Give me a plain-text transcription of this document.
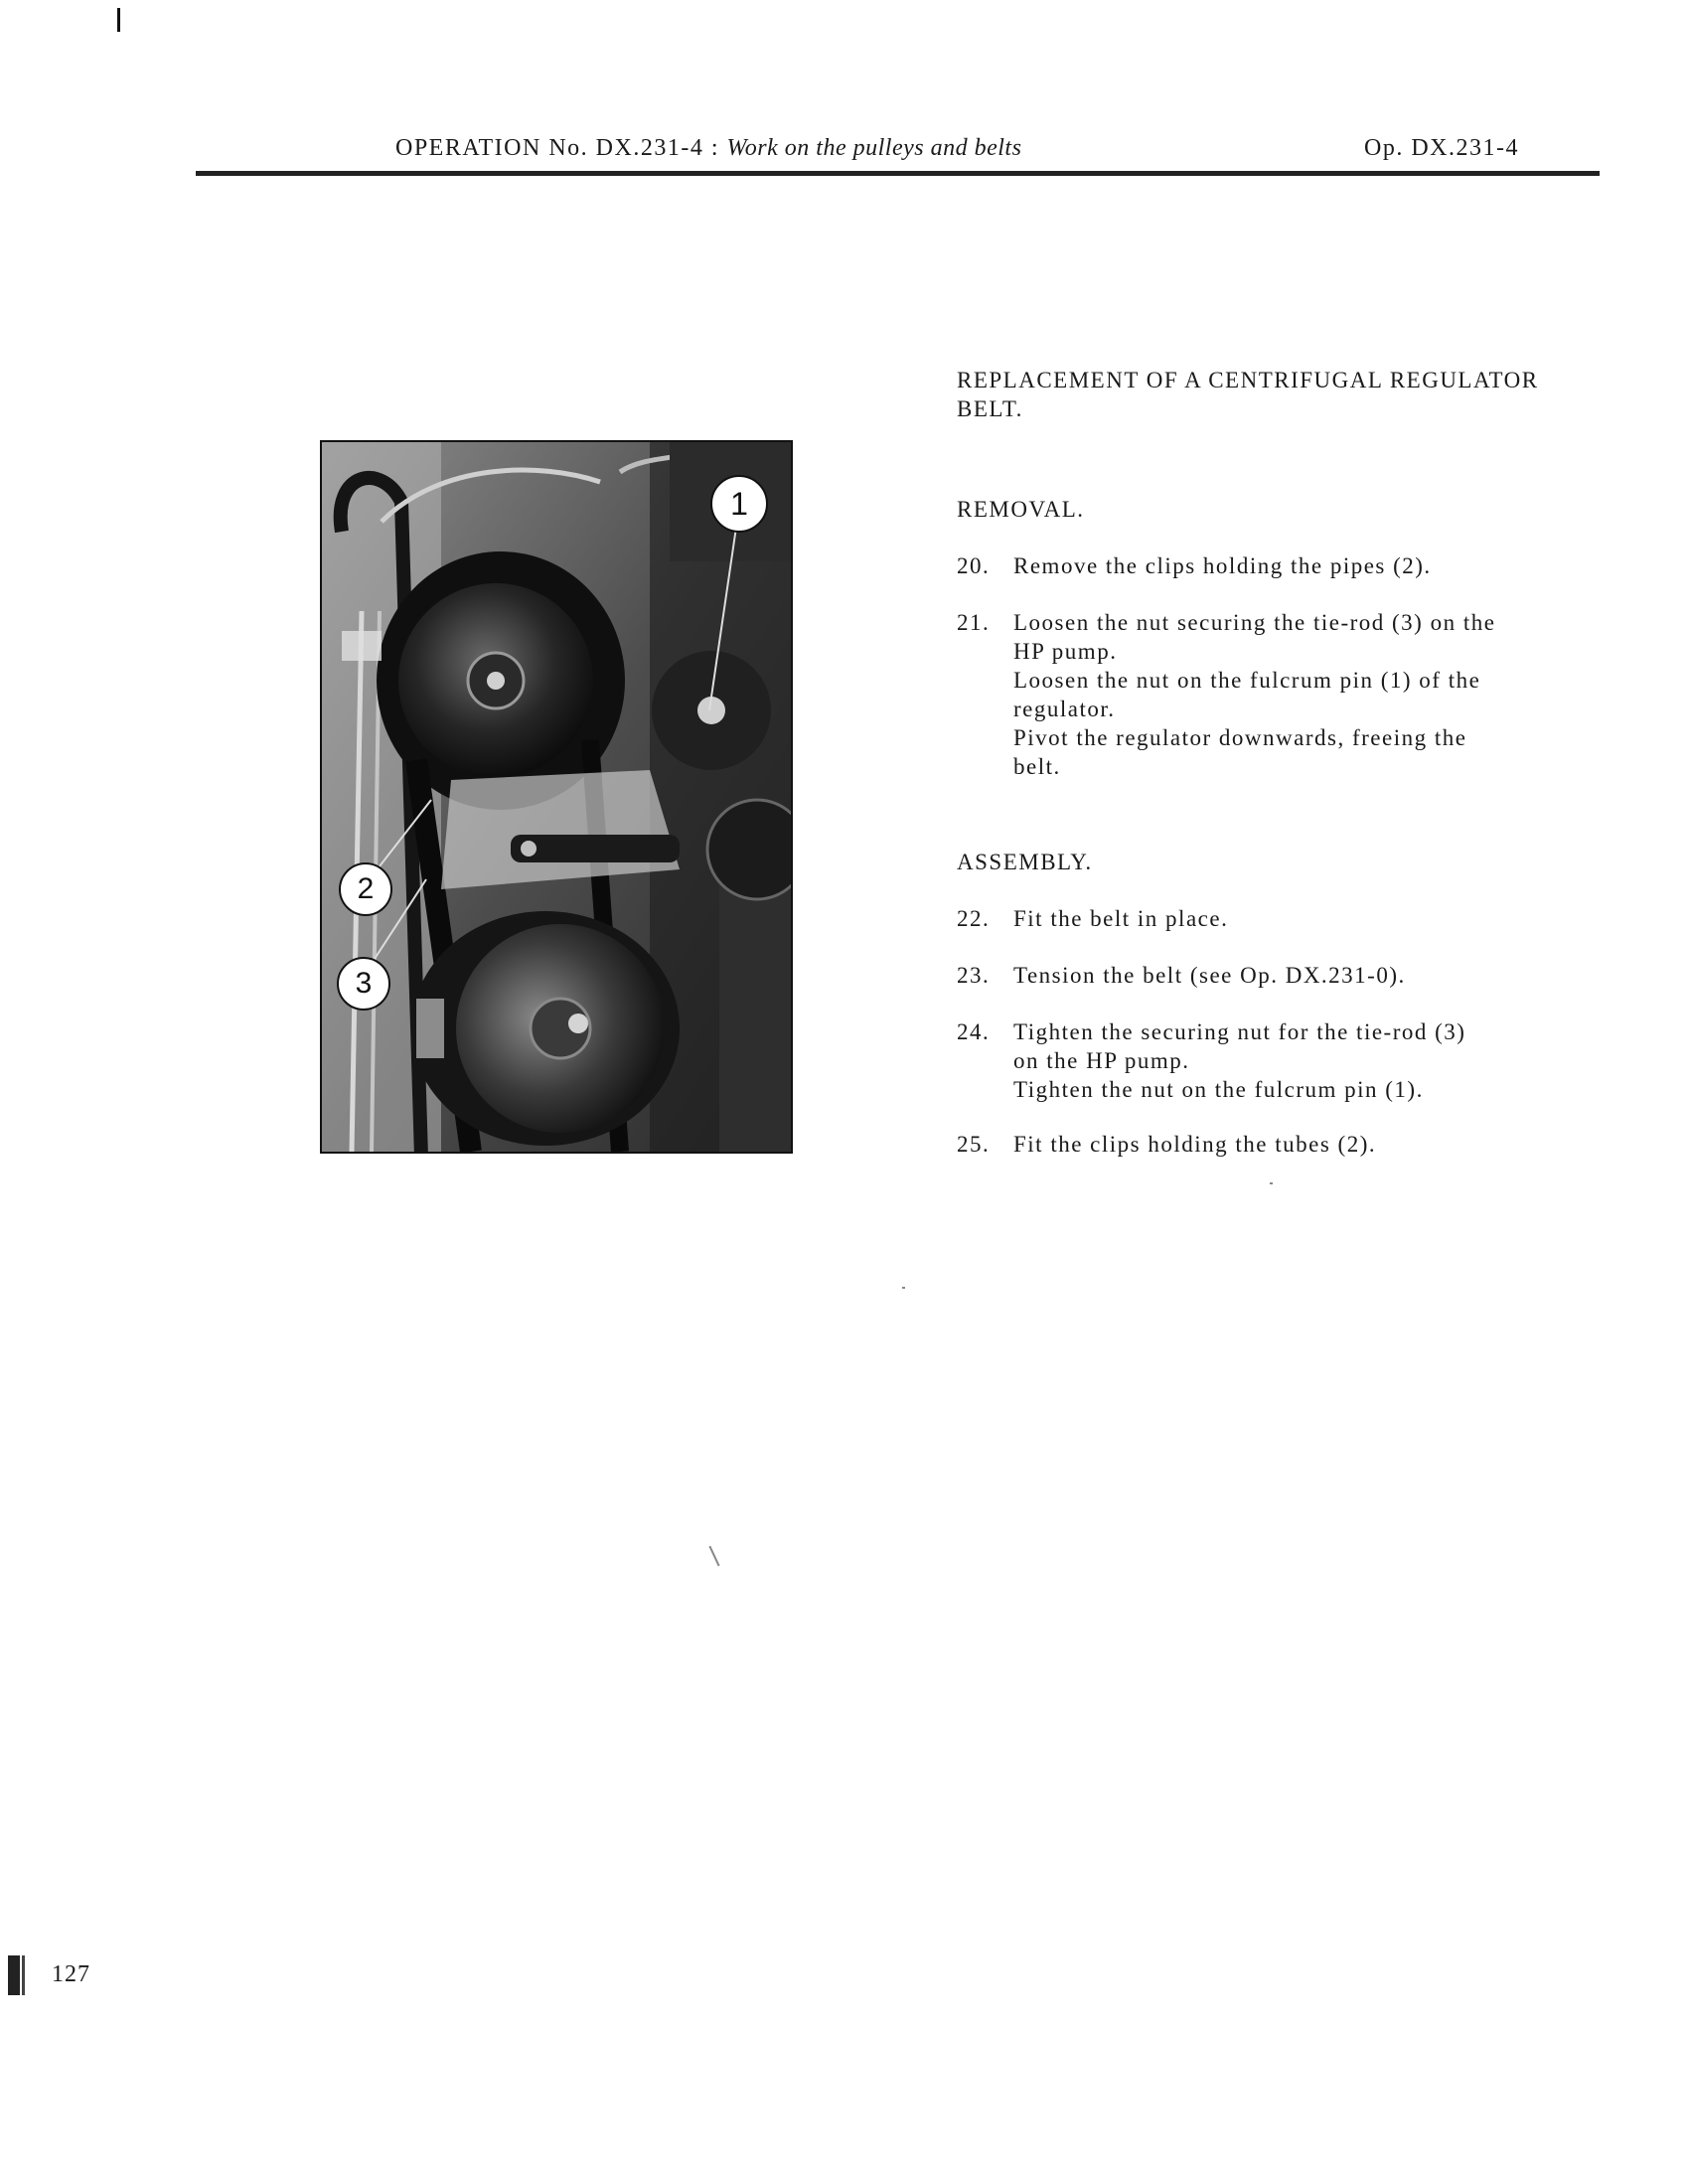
OPERATION No. DX.231-4 : Work on the pulleys and belts	Op. DX.231-4
1
2
3
REPLACEMENT OF A CENTRIFUGAL REGULATOR
BELT.
REMOVAL.
20. Remove the clips holding the pipes (2).
21. Loosen the nut securing the tie-rod (3) on the
HP pump.
Loosen the nut on the fulcrum pin (1) of the
regulator.
Pivot the regulator downwards, freeing the
belt.
ASSEMBLY.
22. Fit the belt in place.
23. Tension the belt (see Op. DX.231-0).
24. Tighten the securing nut for the tie-rod (3)
on the HP pump.
Tighten the nut on the fulcrum pin (1).
25. Fit the clips holding the tubes (2).
127
